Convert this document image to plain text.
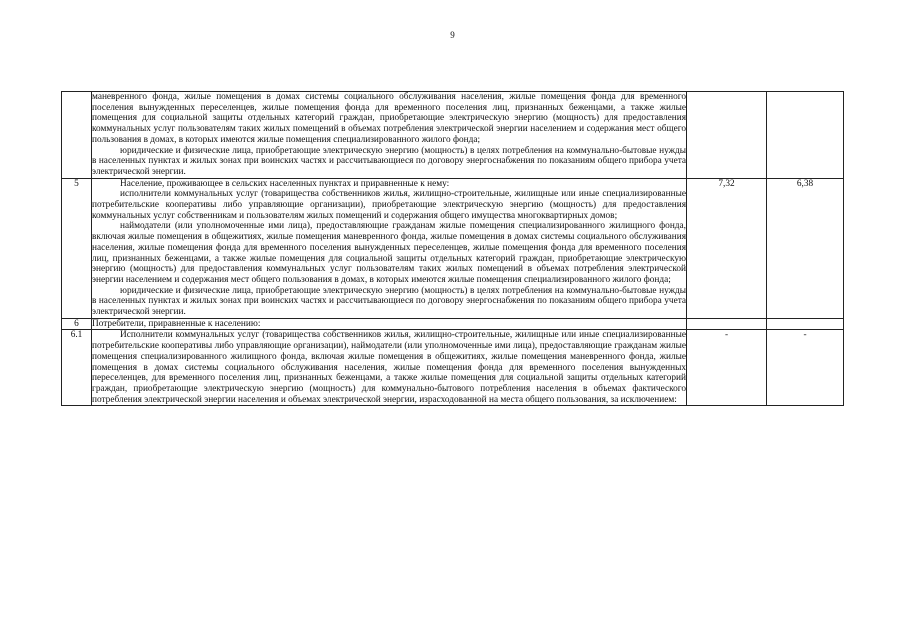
9

	маневренного фонда, жилые помещения в домах системы социального обслуживания населения, жилые помещения фонда для временного поселения вынужденных переселенцев, жилые помещения фонда для временного поселения лиц, признанных беженцами, а также жилые помещения для социальной защиты отдельных категорий граждан, приобретающие электрическую энергию (мощность) для предоставления коммунальных услуг пользователям таких жилых помещений в объемах потребления электрической энергии населением и содержания мест общего пользования в домах, в которых имеются жилые помещения специализированного жилого фонда;

юридические и физические лица, приобретающие электрическую энергию (мощность) в целях потребления на коммунально-бытовые нужды в населенных пунктах и жилых зонах при воинских частях и рассчитывающиеся по договору энергоснабжения по показаниям общего прибора учета электрической энергии.		

5	Население, проживающее в сельских населенных пунктах и приравненные к нему:

исполнители коммунальных услуг (товарищества собственников жилья, жилищно-строительные, жилищные или иные специализированные потребительские кооперативы либо управляющие организации), приобретающие электрическую энергию (мощность) для предоставления коммунальных услуг собственникам и пользователям жилых помещений и содержания общего имущества многоквартирных домов;

наймодатели (или уполномоченные ими лица), предоставляющие гражданам жилые помещения специализированного жилищного фонда, включая жилые помещения в общежитиях, жилые помещения маневренного фонда, жилые помещения в домах системы социального обслуживания населения, жилые помещения фонда для временного поселения вынужденных переселенцев, жилые помещения фонда для временного поселения лиц, признанных беженцами, а также жилые помещения для социальной защиты отдельных категорий граждан, приобретающие электрическую энергию (мощность) для предоставления коммунальных услуг пользователям таких жилых помещений в объемах потребления электрической энергии населением и содержания мест общего пользования в домах, в которых имеются жилые помещения специализированного жилого фонда;

юридические и физические лица, приобретающие электрическую энергию (мощность) в целях потребления на коммунально-бытовые нужды в населенных пунктах и жилых зонах при воинских частях и рассчитывающиеся по договору энергоснабжения по показаниям общего прибора учета электрической энергии.	7,32	6,38
6	Потребители, приравненные к населению:		

6.1	Исполнители коммунальных услуг (товарищества собственников жилья, жилищно-строительные, жилищные или иные специализированные потребительские кооперативы либо управляющие организации), наймодатели (или уполномоченные ими лица), предоставляющие гражданам жилые помещения специализированного жилищного фонда, включая жилые помещения в общежитиях, жилые помещения маневренного фонда, жилые помещения в домах системы социального обслуживания населения, жилые помещения фонда для временного поселения вынужденных переселенцев, для временного поселения лиц, признанных беженцами, а также жилые помещения для социальной защиты отдельных категорий граждан, приобретающие электрическую энергию (мощность) для коммунально-бытового потребления населения в объемах фактического потребления электрической энергии населения и объемах электрической энергии, израсходованной на места общего пользования, за исключением:	-	-
